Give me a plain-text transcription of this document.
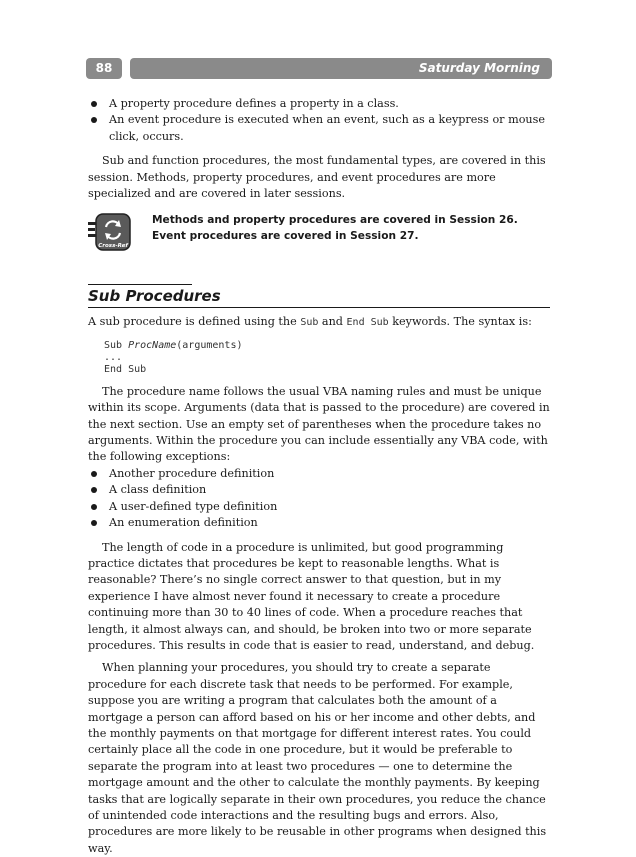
88	Saturday Morning
A property procedure defines a property in a class.
An event procedure is executed when an event, such as a keypress or mouse click, occurs.

Sub and function procedures, the most fundamental types, are covered in this session. Methods, property procedures, and event procedures are more specialized and are covered in later sessions.

Cross-Ref
Methods and property procedures are covered in Session 26. Event procedures are covered in Session 27.
Sub Procedures

A sub procedure is defined using the Sub and End Sub keywords. The syntax is:

Sub ProcName(arguments)
...
End Sub

The procedure name follows the usual VBA naming rules and must be unique within its scope. Arguments (data that is passed to the procedure) are covered in the next section. Use an empty set of parentheses when the procedure takes no arguments. Within the procedure you can include essentially any VBA code, with the following exceptions:

Another procedure definition
A class definition
A user-defined type definition
An enumeration definition

The length of code in a procedure is unlimited, but good programming practice dictates that procedures be kept to reasonable lengths. What is reasonable? There’s no single correct answer to that question, but in my experience I have almost never found it necessary to create a procedure continuing more than 30 to 40 lines of code. When a procedure reaches that length, it almost always can, and should, be broken into two or more separate procedures. This results in code that is easier to read, understand, and debug.

When planning your procedures, you should try to create a separate procedure for each discrete task that needs to be performed. For example, suppose you are writing a program that calculates both the amount of a mortgage a person can afford based on his or her income and other debts, and the monthly payments on that mortgage for different interest rates. You could certainly place all the code in one procedure, but it would be preferable to separate the program into at least two procedures — one to determine the mortgage amount and the other to calculate the monthly payments. By keeping tasks that are logically separate in their own procedures, you reduce the chance of unintended code interactions and the resulting bugs and errors. Also, procedures are more likely to be reusable in other programs when designed this way.
